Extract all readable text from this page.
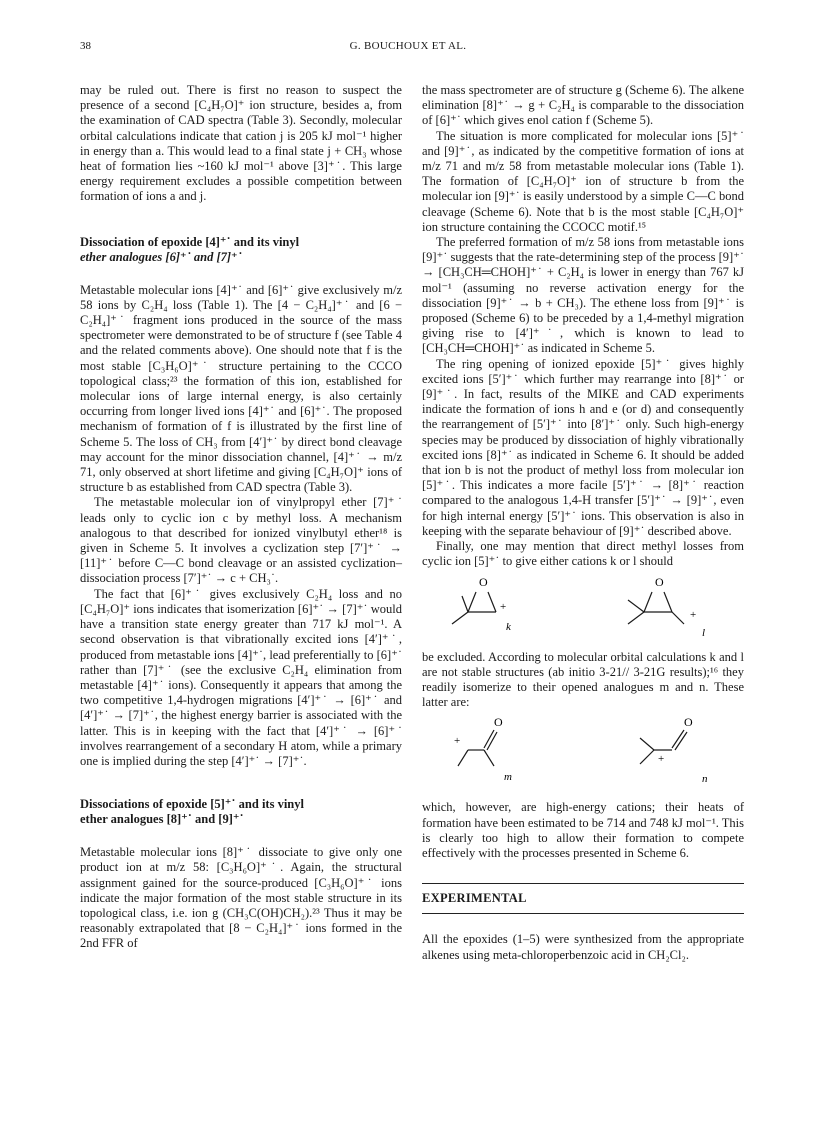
38	G. BOUCHOUX ET AL.

may be ruled out. There is first no reason to suspect the presence of a second [C₄H₇O]⁺ ion structure, besides a, from the examination of CAD spectra (Table 3). Secondly, molecular orbital calculations indicate that cation j is 205 kJ mol⁻¹ higher in energy than a. This would lead to a final state j + CH₃ whose heat of formation lies ~160 kJ mol⁻¹ above [3]⁺˙. This large energy requirement excludes a possible competition between formation of ions a and j.

Dissociation of epoxide [4]⁺˙ and its vinyl
ether analogues [6]⁺˙ and [7]⁺˙

Metastable molecular ions [4]⁺˙ and [6]⁺˙ give exclusively m/z 58 ions by C₂H₄ loss (Table 1). The [4 − C₂H₄]⁺˙ and [6 − C₂H₄]⁺˙ fragment ions produced in the source of the mass spectrometer were demonstrated to be of structure f (see Table 4 and the related comments above). One should note that f is the most stable [C₃H₆O]⁺˙ structure pertaining to the CCCO topological class;²³ the formation of this ion, established for molecular ions of large internal energy, is also certainly occurring from longer lived ions [4]⁺˙ and [6]⁺˙. The proposed mechanism of formation of f is illustrated by the first line of Scheme 5. The loss of CH₃ from [4′]⁺˙ by direct bond cleavage may account for the minor dissociation channel, [4]⁺˙ → m/z 71, only observed at short lifetime and giving [C₄H₇O]⁺ ions of structure b as established from CAD spectra (Table 3).

The metastable molecular ion of vinylpropyl ether [7]⁺˙ leads only to cyclic ion c by methyl loss. A mechanism analogous to that described for ionized vinylbutyl ether¹⁸ is given in Scheme 5. It involves a cyclization step [7′]⁺˙ → [11]⁺˙ before C—C bond cleavage or an assisted cyclization–dissociation process [7′]⁺˙ → c + CH₃˙.

The fact that [6]⁺˙ gives exclusively C₂H₄ loss and no [C₄H₇O]⁺ ions indicates that isomerization [6]⁺˙ → [7]⁺˙ would have a transition state energy greater than 717 kJ mol⁻¹. A second observation is that vibrationally excited ions [4′]⁺˙, produced from metastable ions [4]⁺˙, lead preferentially to [6]⁺˙ rather than [7]⁺˙ (see the exclusive C₂H₄ elimination from metastable [4]⁺˙ ions). Consequently it appears that among the two competitive 1,4-hydrogen migrations [4′]⁺˙ → [6]⁺˙ and [4′]⁺˙ → [7]⁺˙, the highest energy barrier is associated with the latter. This is in keeping with the fact that [4′]⁺˙ → [6]⁺˙ involves rearrangement of a secondary H atom, while a primary one is implied during the step [4′]⁺˙ → [7]⁺˙.

Dissociations of epoxide [5]⁺˙ and its vinyl
ether analogues [8]⁺˙ and [9]⁺˙

Metastable molecular ions [8]⁺˙ dissociate to give only one product ion at m/z 58: [C₃H₆O]⁺˙. Again, the structural assignment gained for the source-produced [C₃H₆O]⁺˙ ions indicate the major formation of the most stable structure in its topological class, i.e. ion g (CH₃C(OH)CH₂).²³ Thus it may be reasonably extrapolated that [8 − C₂H₄]⁺˙ ions formed in the 2nd FFR of

the mass spectrometer are of structure g (Scheme 6). The alkene elimination [8]⁺˙ → g + C₂H₄ is comparable to the dissociation of [6]⁺˙ which gives enol cation f (Scheme 5).

The situation is more complicated for molecular ions [5]⁺˙ and [9]⁺˙, as indicated by the competitive formation of ions at m/z 71 and m/z 58 from metastable molecular ions (Table 1). The formation of [C₄H₇O]⁺ ion of structure b from the molecular ion [9]⁺˙ is easily understood by a simple C—C bond cleavage (Scheme 6). Note that b is the most stable [C₄H₇O]⁺ ion structure containing the CCOCC motif.¹⁵

The preferred formation of m/z 58 ions from metastable ions [9]⁺˙ suggests that the rate-determining step of the process [9]⁺˙ → [CH₃CH═CHOH]⁺˙ + C₂H₄ is lower in energy than 767 kJ mol⁻¹ (assuming no reverse activation energy for the dissociation [9]⁺˙ → b + CH₃). The ethene loss from [9]⁺˙ is proposed (Scheme 6) to be preceded by a 1,4-methyl migration giving rise to [4′]⁺˙, which is known to lead to [CH₃CH═CHOH]⁺˙ as indicated in Scheme 5.

The ring opening of ionized epoxide [5]⁺˙ gives highly excited ions [5′]⁺˙ which further may rearrange into [8]⁺˙ or [9]⁺˙. In fact, results of the MIKE and CAD experiments indicate the formation of ions h and e (or d) and consequently the rearrangement of [5′]⁺˙ into [8′]⁺˙ only. Such high-energy species may be produced by dissociation of highly vibrationally excited ions [8]⁺˙ as indicated in Scheme 6. It should be added that ion b is not the product of methyl loss from molecular ion [5]⁺˙. This indicates a more facile [5′]⁺˙ → [8]⁺˙ reaction compared to the analogous 1,4-H transfer [5′]⁺˙ → [9]⁺˙, even for high internal energy [5′]⁺˙ ions. This observation is also in keeping with the separate behaviour of [9]⁺˙ described above.

Finally, one may mention that direct methyl losses from cyclic ion [5]⁺˙ to give either cations k or l should

O
+
k
O
+
l

be excluded. According to molecular orbital calculations k and l are not stable structures (ab initio 3-21// 3-21G results);¹⁶ they readily isomerize to their opened analogues m and n. These latter are:

O
+
m
O
+
n

which, however, are high-energy cations; their heats of formation have been estimated to be 714 and 748 kJ mol⁻¹. This is clearly too high to allow their formation to compete effectively with the processes presented in Scheme 6.

EXPERIMENTAL

All the epoxides (1–5) were synthesized from the appropriate alkenes using meta-chloroperbenzoic acid in CH₂Cl₂.
